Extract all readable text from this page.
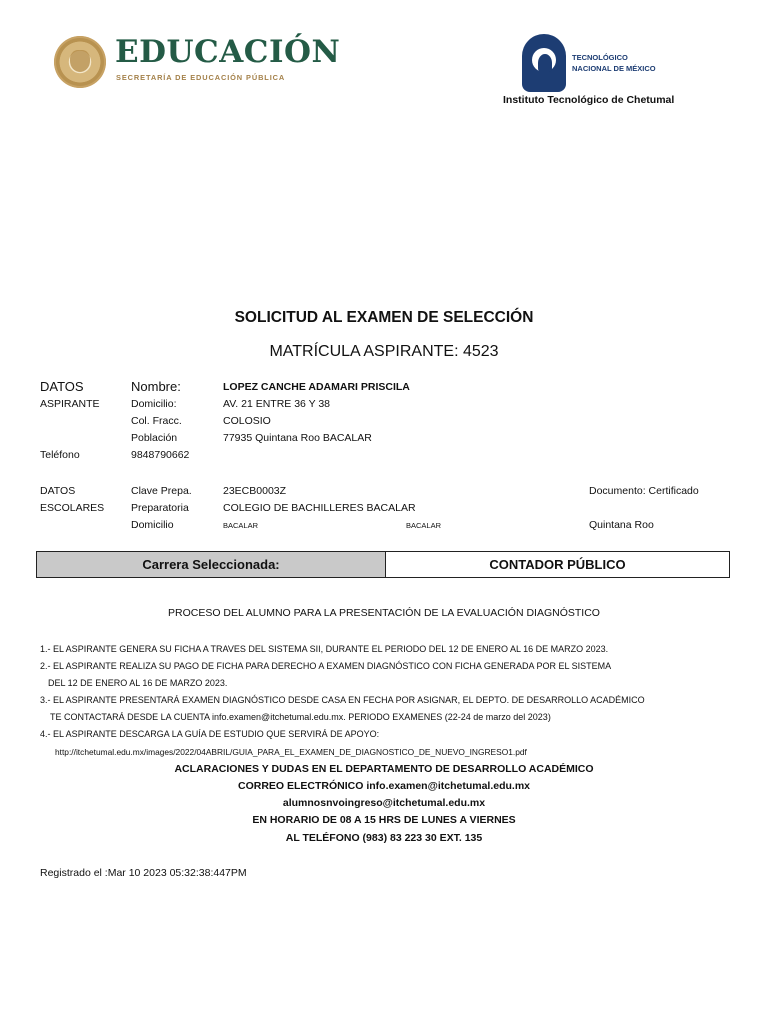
EDUCACIÓN
SECRETARÍA DE EDUCACIÓN PÚBLICA
TECNOLÓGICO
NACIONAL DE MÉXICO
Instituto Tecnológico de Chetumal
SOLICITUD AL EXAMEN DE SELECCIÓN
MATRÍCULA ASPIRANTE: 4523
DATOS
ASPIRANTE
Nombre:	LOPEZ CANCHE ADAMARI PRISCILA
Domicilio:	AV. 21 ENTRE 36 Y 38
Col. Fracc.	COLOSIO
Población	77935 Quintana Roo BACALAR
Teléfono	9848790662
DATOS
ESCOLARES
Clave Prepa.	23ECB0003Z	Documento: Certificado
Preparatoria	COLEGIO DE BACHILLERES BACALAR
Domicilio	BACALAR	BACALAR	Quintana Roo
Carrera Seleccionada:	CONTADOR PÚBLICO
PROCESO DEL ALUMNO PARA LA PRESENTACIÓN DE LA EVALUACIÓN DIAGNÓSTICO
1.- EL ASPIRANTE GENERA SU FICHA A TRAVES DEL SISTEMA SII, DURANTE EL PERIODO DEL 12 DE ENERO AL 16 DE MARZO 2023.
2.- EL ASPIRANTE REALIZA SU PAGO DE FICHA PARA DERECHO A EXAMEN DIAGNÓSTICO CON FICHA GENERADA POR EL SISTEMA
DEL 12 DE ENERO AL 16 DE MARZO 2023.
3.- EL ASPIRANTE PRESENTARÁ EXAMEN DIAGNÓSTICO DESDE CASA EN FECHA POR ASIGNAR, EL DEPTO. DE DESARROLLO ACADÉMICO
TE CONTACTARÁ DESDE LA CUENTA info.examen@itchetumal.edu.mx. PERIODO EXAMENES (22-24 de marzo del 2023)
4.- EL ASPIRANTE DESCARGA LA GUÍA DE ESTUDIO QUE SERVIRÁ DE APOYO:
http://itchetumal.edu.mx/images/2022/04ABRIL/GUIA_PARA_EL_EXAMEN_DE_DIAGNOSTICO_DE_NUEVO_INGRESO1.pdf
ACLARACIONES Y DUDAS EN EL DEPARTAMENTO DE DESARROLLO ACADÉMICO
CORREO ELECTRÓNICO info.examen@itchetumal.edu.mx
alumnosnvoingreso@itchetumal.edu.mx
EN HORARIO DE 08 A 15 HRS DE LUNES A VIERNES
AL TELÉFONO (983) 83 223 30 EXT. 135
Registrado el :Mar 10 2023 05:32:38:447PM
